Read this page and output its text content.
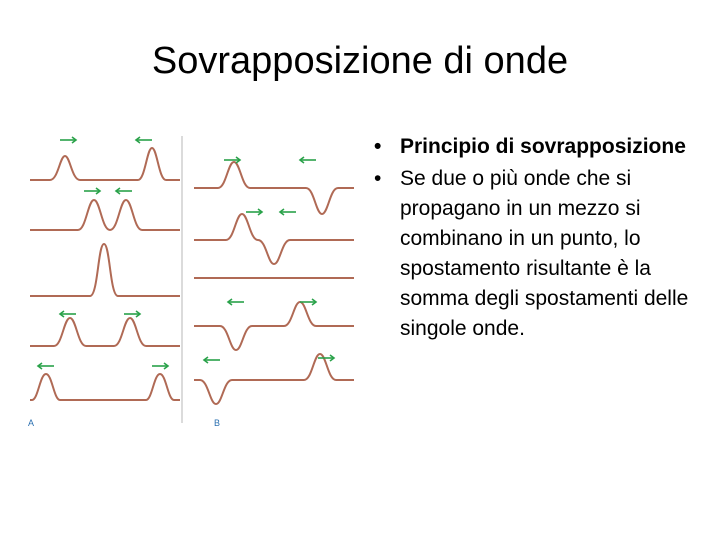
Sovrapposizione di onde
A	B
• Principio di sovrapposizione
• Se due o più onde che si propagano in un mezzo si combinano in un punto, lo spostamento risultante è la somma degli spostamenti delle singole onde.
